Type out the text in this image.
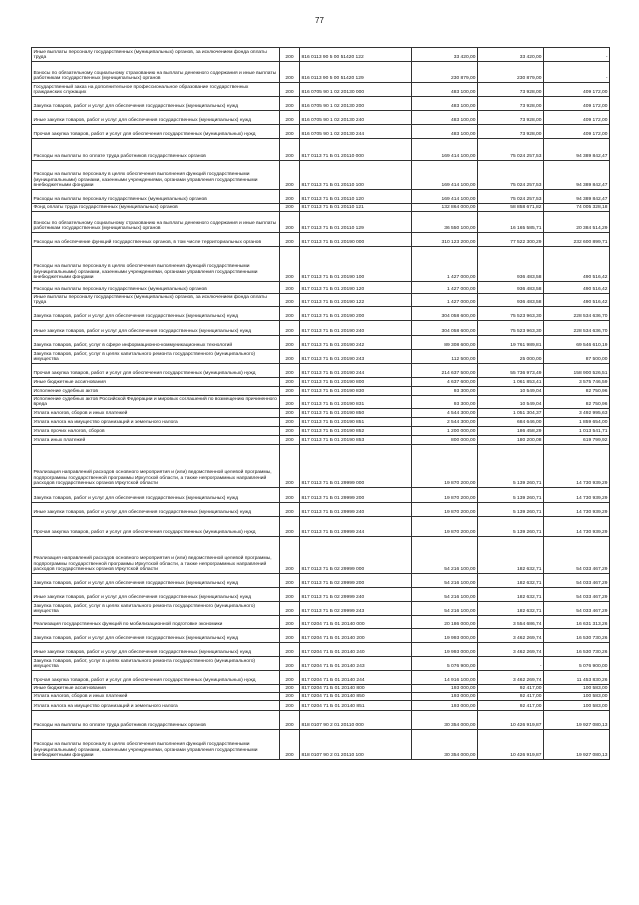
77
Иные выплаты персоналу государственных (муниципальных) органов, за исключением фонда оплаты труда	200	816 0113 90 5 00 51420 122	33 420,00	33 420,00	-
Взносы по обязательному социальному страхованию на выплаты денежного содержания и иные выплаты работникам государственных (муниципальных) органов	200	816 0113 90 5 00 51420 129	230 879,00	230 879,00	-
Государственный заказ на дополнительное профессиональное образование государственных гражданских служащих	200	816 0705 90 1 02 20130 000	483 100,00	73 928,00	409 172,00
Закупка товаров, работ и услуг для обеспечения государственных (муниципальных) нужд	200	816 0705 90 1 02 20130 200	483 100,00	73 928,00	409 172,00
Иные закупки товаров, работ и услуг для обеспечения государственных (муниципальных) нужд	200	816 0705 90 1 02 20130 240	483 100,00	73 928,00	409 172,00
Прочая закупка товаров, работ и услуг для обеспечения государственных (муниципальных) нужд	200	816 0705 90 1 02 20130 244	483 100,00	73 928,00	409 172,00
Расходы на выплаты по оплате труда работников государственных органов	200	817 0113 71 Б 01 20110 000	169 414 100,00	75 024 257,53	94 389 842,47
Расходы на выплаты персоналу в целях обеспечения выполнения функций государственными (муниципальными) органами, казенными учреждениями, органами управления государственными внебюджетными фондами	200	817 0113 71 Б 01 20110 100	169 414 100,00	75 024 257,53	94 389 842,47
Расходы на выплаты персоналу государственных (муниципальных) органов	200	817 0113 71 Б 01 20110 120	169 414 100,00	75 024 257,53	94 389 842,47
Фонд оплаты труда государственных (муниципальных) органов	200	817 0113 71 Б 01 20110 121	132 864 000,00	58 858 671,82	74 005 328,18
Взносы по обязательному социальному страхованию на выплаты денежного содержания и иные выплаты работникам государственных (муниципальных) органов	200	817 0113 71 Б 01 20110 129	36 550 100,00	16 165 585,71	20 384 514,29
Расходы на обеспечение функций государственных органов, в том числе территориальных органов	200	817 0113 71 Б 01 20190 000	310 123 200,00	77 522 300,29	232 600 899,71
Расходы на выплаты персоналу в целях обеспечения выполнения функций государственными (муниципальными) органами, казенными учреждениями, органами управления государственными внебюджетными фондами	200	817 0113 71 Б 01 20190 100	1 427 000,00	936 483,58	490 516,42
Расходы на выплаты персоналу государственных (муниципальных) органов	200	817 0113 71 Б 01 20190 120	1 427 000,00	936 483,58	490 516,42
Иные выплаты персоналу государственных (муниципальных) органов, за исключением фонда оплаты труда	200	817 0113 71 Б 01 20190 122	1 427 000,00	936 483,58	490 516,42
Закупка товаров, работ и услуг для обеспечения государственных (муниципальных) нужд	200	817 0113 71 Б 01 20190 200	304 058 600,00	75 523 963,30	228 534 636,70
Иные закупки товаров, работ и услуг для обеспечения государственных (муниципальных) нужд	200	817 0113 71 Б 01 20190 240	304 058 600,00	75 523 963,30	228 534 636,70
Закупка товаров, работ, услуг в сфере информационно-коммуникационных технологий	200	817 0113 71 Б 01 20190 242	89 308 600,00	19 761 989,81	69 546 610,19
Закупка товаров, работ, услуг в целях капитального ремонта государственного (муниципального) имущества	200	817 0113 71 Б 01 20190 243	112 500,00	25 000,00	87 500,00
Прочая закупка товаров, работ и услуг для обеспечения государственных (муниципальных) нужд	200	817 0113 71 Б 01 20190 244	214 637 500,00	55 736 973,49	158 900 526,51
Иные бюджетные ассигнования	200	817 0113 71 Б 01 20190 800	4 637 600,00	1 061 853,41	3 575 746,59
Исполнение судебных актов	200	817 0113 71 Б 01 20190 830	93 300,00	10 549,04	82 750,96
Исполнение судебных актов Российской Федерации и мировых соглашений по возмещению причиненного вреда	200	817 0113 71 Б 01 20190 831	93 300,00	10 549,04	82 750,96
Уплата налогов, сборов и иных платежей	200	817 0113 71 Б 01 20190 850	4 544 300,00	1 051 304,37	3 492 995,63
Уплата налога на имущество организаций и земельного налога	200	817 0113 71 Б 01 20190 851	2 544 300,00	684 646,00	1 859 654,00
Уплата прочих налогов, сборов	200	817 0113 71 Б 01 20190 852	1 200 000,00	186 458,29	1 013 541,71
Уплата иных платежей	200	817 0113 71 Б 01 20190 853	800 000,00	180 200,08	619 799,92
Реализация направлений расходов основного мероприятия и (или) ведомственной целевой программы, подпрограммы государственной программы Иркутской области, а также непрограммных направлений расходов государственных органов Иркутской области	200	817 0113 71 Б 01 29999 000	19 870 200,00	5 139 260,71	14 730 939,29
Закупка товаров, работ и услуг для обеспечения государственных (муниципальных) нужд	200	817 0113 71 Б 01 29999 200	19 870 200,00	5 139 260,71	14 730 939,29
Иные закупки товаров, работ и услуг для обеспечения государственных (муниципальных) нужд	200	817 0113 71 Б 01 29999 240	19 870 200,00	5 139 260,71	14 730 939,29
Прочая закупка товаров, работ и услуг для обеспечения государственных (муниципальных) нужд	200	817 0113 71 Б 01 29999 244	19 870 200,00	5 139 260,71	14 730 939,29
Реализация направлений расходов основного мероприятия и (или) ведомственной целевой программы, подпрограммы государственной программы Иркутской области, а также непрограммных направлений расходов государственных органов Иркутской области	200	817 0113 71 Б 02 29999 000	54 216 100,00	182 632,71	54 033 467,29
Закупка товаров, работ и услуг для обеспечения государственных (муниципальных) нужд	200	817 0113 71 Б 02 29999 200	54 216 100,00	182 632,71	54 033 467,29
Иные закупки товаров, работ и услуг для обеспечения государственных (муниципальных) нужд	200	817 0113 71 Б 02 29999 240	54 216 100,00	182 632,71	54 033 467,29
Закупка товаров, работ, услуг в целях капитального ремонта государственного (муниципального) имущества	200	817 0113 71 Б 02 29999 243	54 216 100,00	182 632,71	54 033 467,29
Реализация государственных функций по мобилизационной подготовке экономики	200	817 0204 71 Б 01 20140 000	20 186 000,00	3 554 686,74	16 631 313,26
Закупка товаров, работ и услуг для обеспечения государственных (муниципальных) нужд	200	817 0204 71 Б 01 20140 200	19 993 000,00	3 462 269,74	16 530 730,26
Иные закупки товаров, работ и услуг для обеспечения государственных (муниципальных) нужд	200	817 0204 71 Б 01 20140 240	19 993 000,00	3 462 269,74	16 530 730,26
Закупка товаров, работ, услуг в целях капитального ремонта государственного (муниципального) имущества	200	817 0204 71 Б 01 20140 243	5 076 900,00	-	5 076 900,00
Прочая закупка товаров, работ и услуг для обеспечения государственных (муниципальных) нужд	200	817 0204 71 Б 01 20140 244	14 916 100,00	3 462 269,74	11 453 830,26
Иные бюджетные ассигнования	200	817 0204 71 Б 01 20140 800	193 000,00	92 417,00	100 583,00
Уплата налогов, сборов и иных платежей	200	817 0204 71 Б 01 20140 850	193 000,00	92 417,00	100 583,00
Уплата налога на имущество организаций и земельного налога	200	817 0204 71 Б 01 20140 851	193 000,00	92 417,00	100 583,00
Расходы на выплаты по оплате труда работников государственных органов	200	818 0107 90 2 01 20110 000	30 354 000,00	10 426 919,87	19 927 080,13
Расходы на выплаты персоналу в целях обеспечения выполнения функций государственными (муниципальными) органами, казенными учреждениями, органами управления государственными внебюджетными фондами	200	818 0107 90 2 01 20110 100	30 354 000,00	10 426 919,87	19 927 080,13
